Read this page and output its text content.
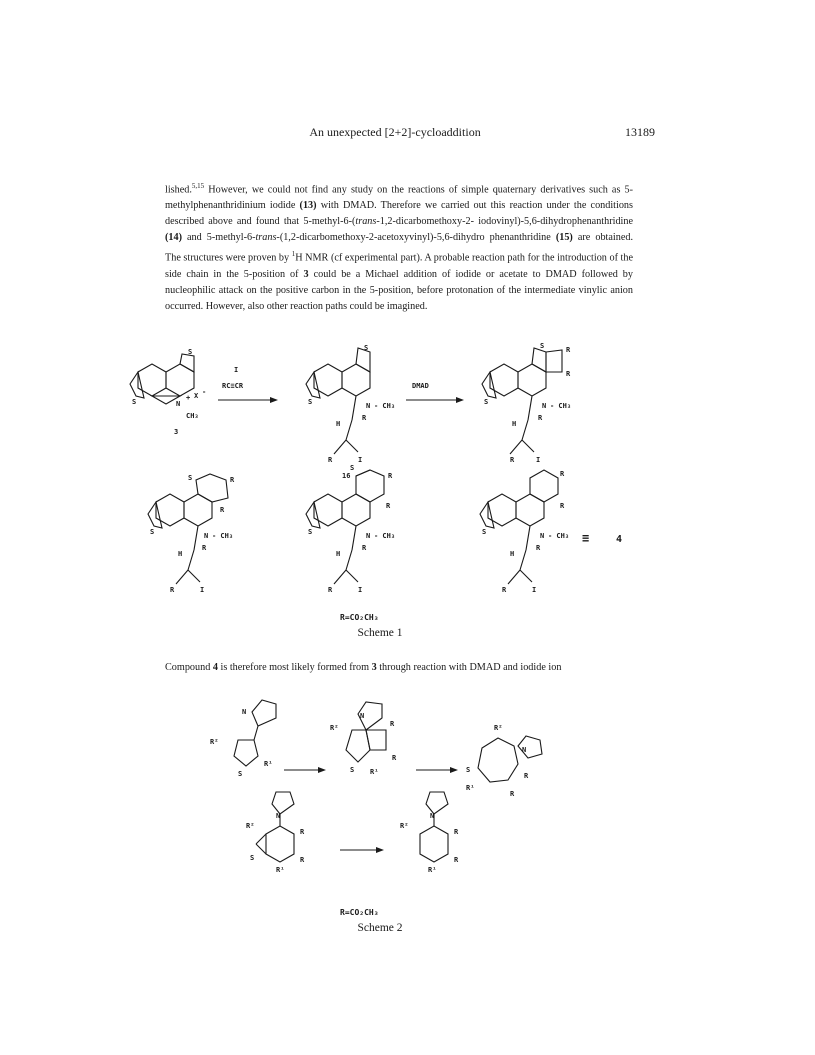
An unexpected [2+2]-cycloaddition	13189
lished.$^{5,15}$ However, we could not find any study on the reactions of simple quaternary derivatives such as 5-methylphenanthridinium iodide (13) with DMAD. Therefore we carried out this reaction under the conditions described above and found that 5-methyl-6-(trans-1,2-dicarbomethoxy-2- iodovinyl)-5,6-dihydrophenanthridine (14) and 5-methyl-6-trans-(1,2-dicarbomethoxy-2-acetoxyvinyl)-5,6-dihydro phenanthridine (15) are obtained. The structures were proven by $^1$H NMR (cf experimental part). A probable reaction path for the introduction of the side chain in the 5-position of 3 could be a Michael addition of iodide or acetate to DMAD followed by nucleophilic attack on the positive carbon in the 5-position, before protonation of the intermediate vinylic anion occurred. However, also other reaction paths could be imagined.
S
S
N
+ X -
CH₃
3
I
RC≡CR
S
S
N - CH₃
R
H
R	I
16
DMAD
S
S	R
R
N - CH₃
R
H
R	I
S
S	R
R
N - CH₃
R
H
R	I
S
S
R
R
N - CH₃
R
H
R	I
S
R
R
N - CH₃
R
H
R	I
≡	4
R=CO₂CH₃
Scheme 1
Compound 4 is therefore most likely formed from 3 through reaction with DMAD and iodide ion
N
R²
R¹
S
N
R²	R
R
S R¹
N
R²
R
R
S
R¹
N
R²
R
R
S
R¹
N
R²
R
R
R¹
R=CO₂CH₃
Scheme 2
